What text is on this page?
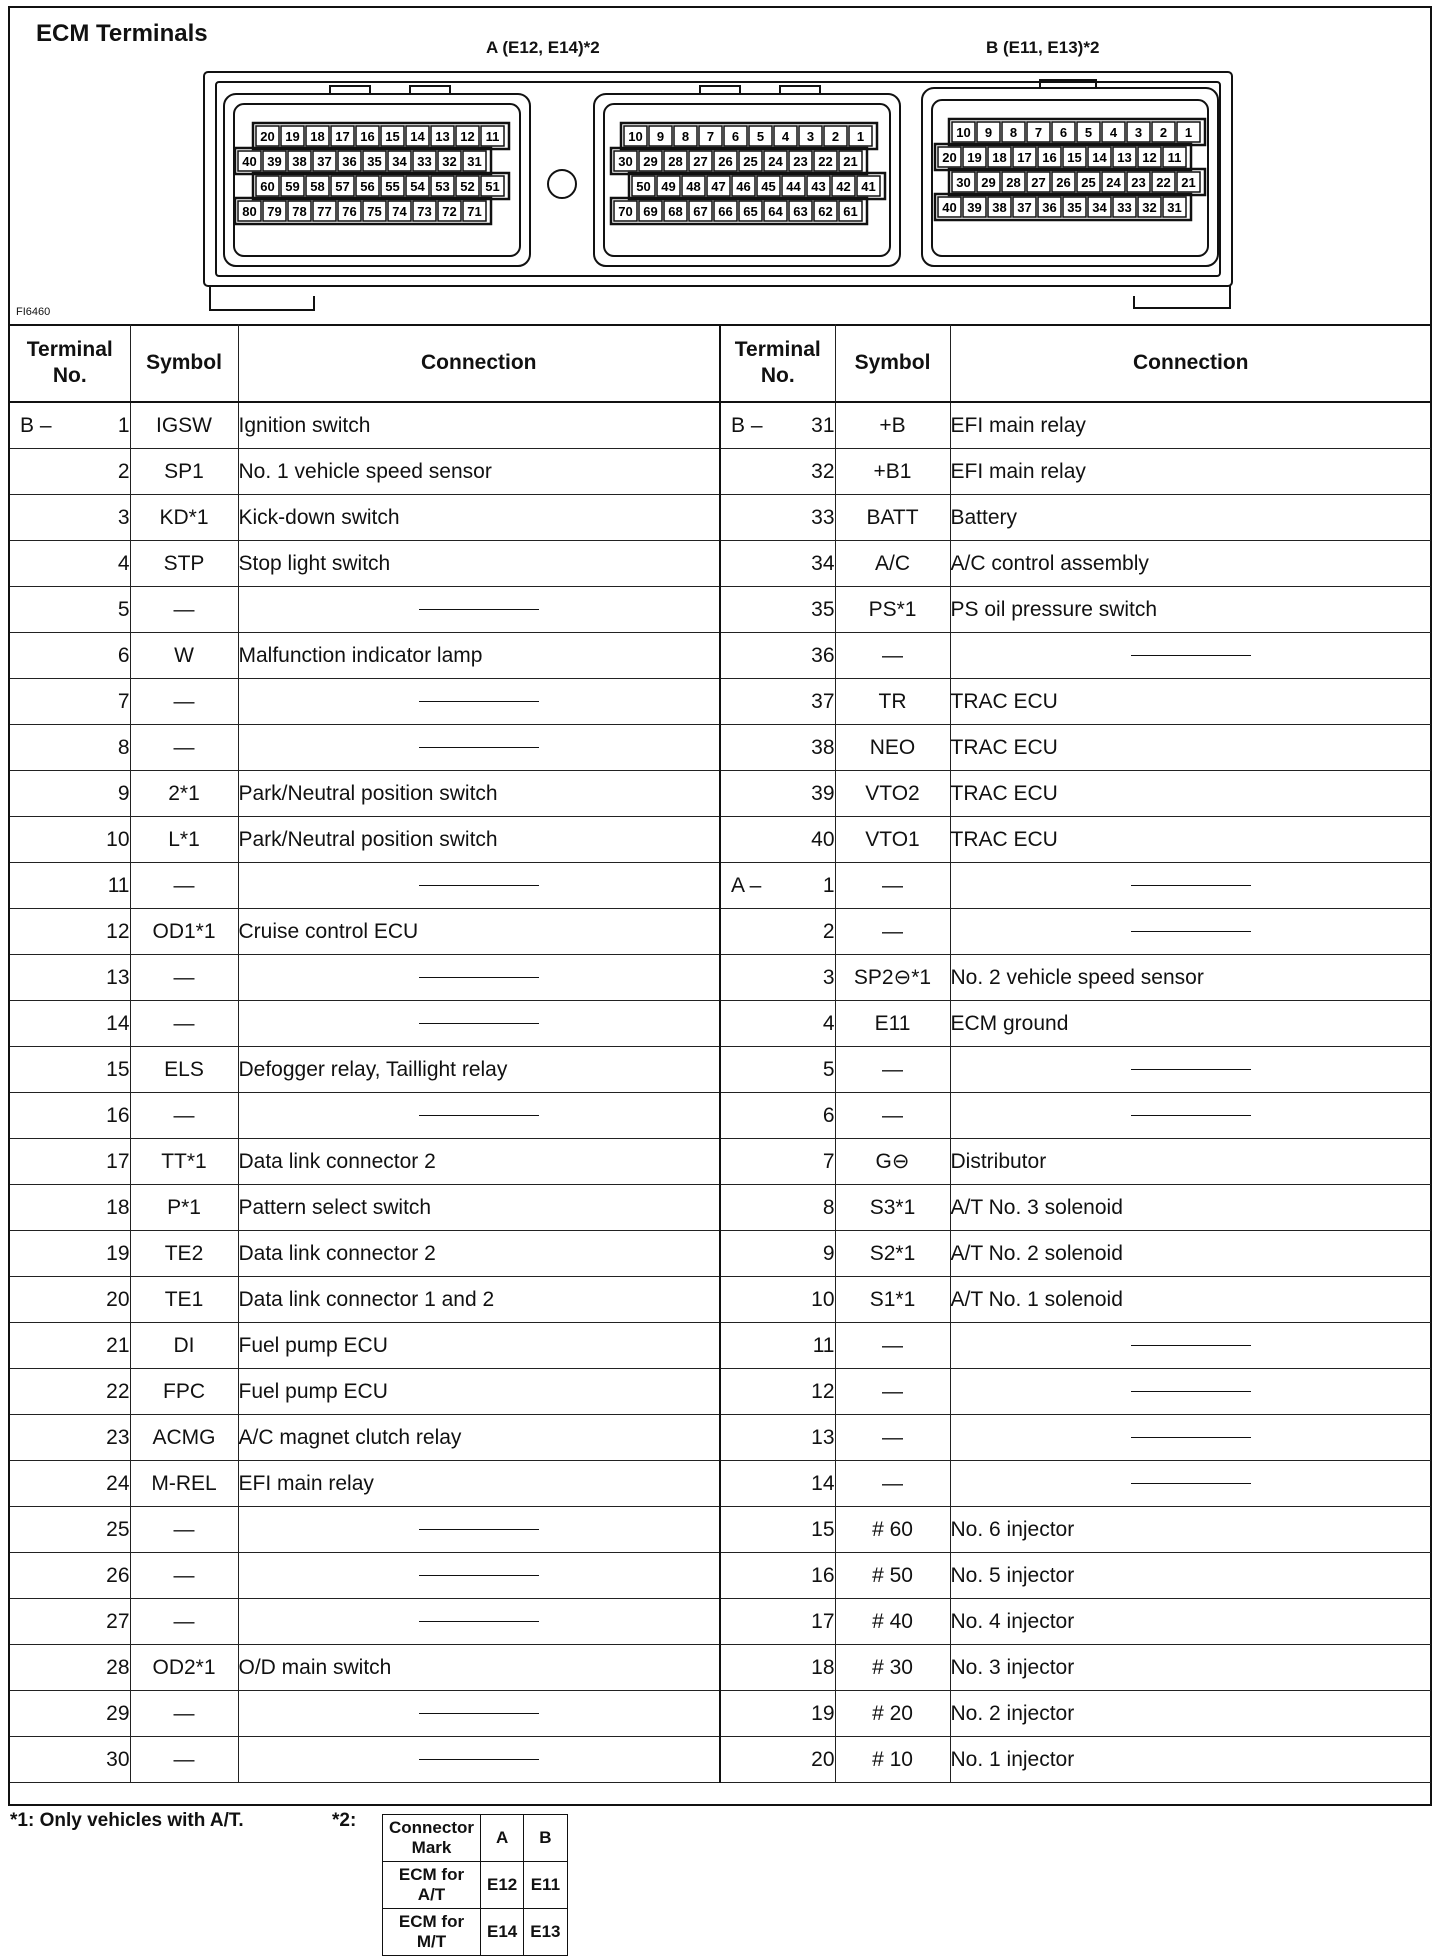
ECM Terminals
A (E12, E14)*2	B (E11, E13)*2
FI6460
20 19 18 17 16 15 14 13 12 11
40 39 38 37 36 35 34 33 32 31
60 59 58 57 56 55 54 53 52 51
80 79 78 77 76 75 74 73 72 71
10 9 8 7 6 5 4 3 2 1
30 29 28 27 26 25 24 23 22 21
50 49 48 47 46 45 44 43 42 41
70 69 68 67 66 65 64 63 62 61
10 9 8 7 6 5 4 3 2 1
20 19 18 17 16 15 14 13 12 11
30 29 28 27 26 25 24 23 22 21
40 39 38 37 36 35 34 33 32 31
Terminal
No.	Symbol	Connection

B – 1	IGSW	Ignition switch
2	SP1	No. 1 vehicle speed sensor
3	KD*1	Kick-down switch
4	STP	Stop light switch
5	—	
6	W	Malfunction indicator lamp
7	—	
8	—	
9	2*1	Park/Neutral position switch
10	L*1	Park/Neutral position switch
11	—	
12	OD1*1	Cruise control ECU
13	—	
14	—	
15	ELS	Defogger relay, Taillight relay
16	—	
17	TT*1	Data link connector 2
18	P*1	Pattern select switch
19	TE2	Data link connector 2
20	TE1	Data link connector 1 and 2
21	DI	Fuel pump ECU
22	FPC	Fuel pump ECU
23	ACMG	A/C magnet clutch relay
24	M-REL	EFI main relay
25	—	
26	—	
27	—	
28	OD2*1	O/D main switch
29	—	
30	—	
Terminal
No.	Symbol	Connection

B – 31	+B	EFI main relay
32	+B1	EFI main relay
33	BATT	Battery
34	A/C	A/C control assembly
35	PS*1	PS oil pressure switch
36	—	
37	TR	TRAC ECU
38	NEO	TRAC ECU
39	VTO2	TRAC ECU
40	VTO1	TRAC ECU

A – 1	—	
2	—	
3	SP2⊖*1	No. 2 vehicle speed sensor
4	E11	ECM ground
5	—	
6	—	
7	G⊖	Distributor
8	S3*1	A/T No. 3 solenoid
9	S2*1	A/T No. 2 solenoid
10	S1*1	A/T No. 1 solenoid
11	—	
12	—	
13	—	
14	—	
15	# 60	No. 6 injector
16	# 50	No. 5 injector
17	# 40	No. 4 injector
18	# 30	No. 3 injector
19	# 20	No. 2 injector
20	# 10	No. 1 injector
*1: Only vehicles with A/T.	*2: Connector Mark	A	B
ECM for A/T	E12	E11
ECM for M/T	E14	E13
